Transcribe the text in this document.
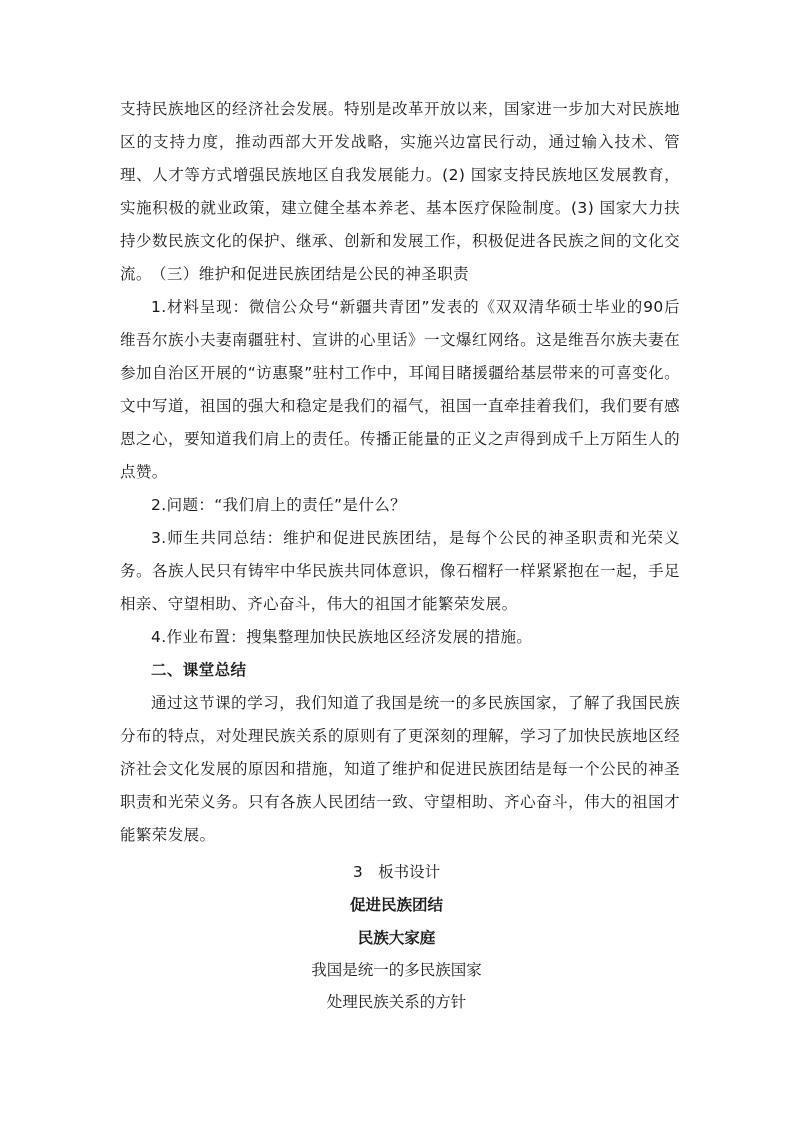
支持民族地区的经济社会发展。特别是改革开放以来，国家进一步加大对民族地区的支持力度，推动西部大开发战略，实施兴边富民行动，通过输入技术、管理、人才等方式增强民族地区自我发展能力。(2) 国家支持民族地区发展教育，实施积极的就业政策，建立健全基本养老、基本医疗保险制度。(3) 国家大力扶持少数民族文化的保护、继承、创新和发展工作，积极促进各民族之间的文化交流。 （三）维护和促进民族团结是公民的神圣职责

1.材料呈现：微信公众号“新疆共青团”发表的《双双清华硕士毕业的90后维吾尔族小夫妻南疆驻村、宣讲的心里话》一文爆红网络。这是维吾尔族夫妻在参加自治区开展的“访惠聚”驻村工作中，耳闻目睹援疆给基层带来的可喜变化。文中写道，祖国的强大和稳定是我们的福气，祖国一直牵挂着我们，我们要有感恩之心，要知道我们肩上的责任。传播正能量的正义之声得到成千上万陌生人的点赞。

2.问题：“我们肩上的责任”是什么？

3.师生共同总结：维护和促进民族团结，是每个公民的神圣职责和光荣义务。各族人民只有铸牢中华民族共同体意识，像石榴籽一样紧紧抱在一起，手足相亲、守望相助、齐心奋斗，伟大的祖国才能繁荣发展。

4.作业布置：搜集整理加快民族地区经济发展的措施。

二、课堂总结

通过这节课的学习，我们知道了我国是统一的多民族国家，了解了我国民族分布的特点，对处理民族关系的原则有了更深刻的理解，学习了加快民族地区经济社会文化发展的原因和措施，知道了维护和促进民族团结是每一个公民的神圣职责和光荣义务。只有各族人民团结一致、守望相助、齐心奋斗，伟大的祖国才能繁荣发展。

3　板书设计

促进民族团结

民族大家庭

我国是统一的多民族国家

处理民族关系的方针
